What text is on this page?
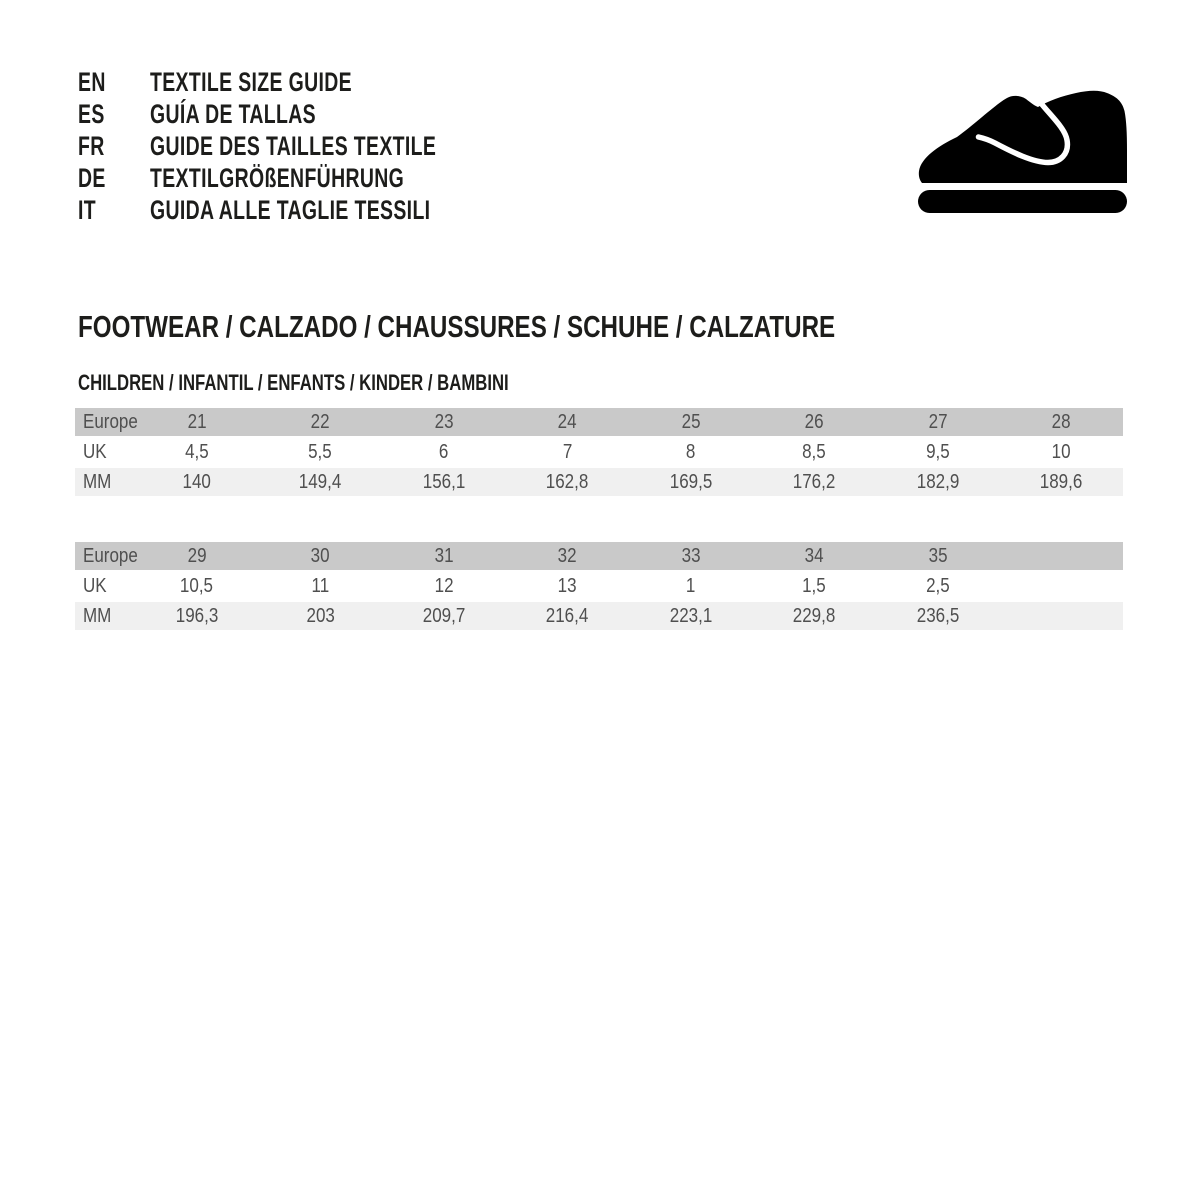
EN	TEXTILE SIZE GUIDE
ES	GUÍA DE TALLAS
FR	GUIDE DES TAILLES TEXTILE
DE	TEXTILGRÖßENFÜHRUNG
IT	GUIDA ALLE TAGLIE TESSILI
FOOTWEAR / CALZADO / CHAUSSURES / SCHUHE / CALZATURE
CHILDREN / INFANTIL / ENFANTS / KINDER / BAMBINI
Europe 21	22	23	24	25	26	27	28
UK	4,5	5,5	6	7	8	8,5	9,5	10
MM	140	149,4	156,1	162,8	169,5	176,2	182,9	189,6
Europe 29	30	31	32	33	34	35
UK	10,5	11	12	13	1	1,5	2,5
MM	196,3	203	209,7	216,4	223,1	229,8	236,5
